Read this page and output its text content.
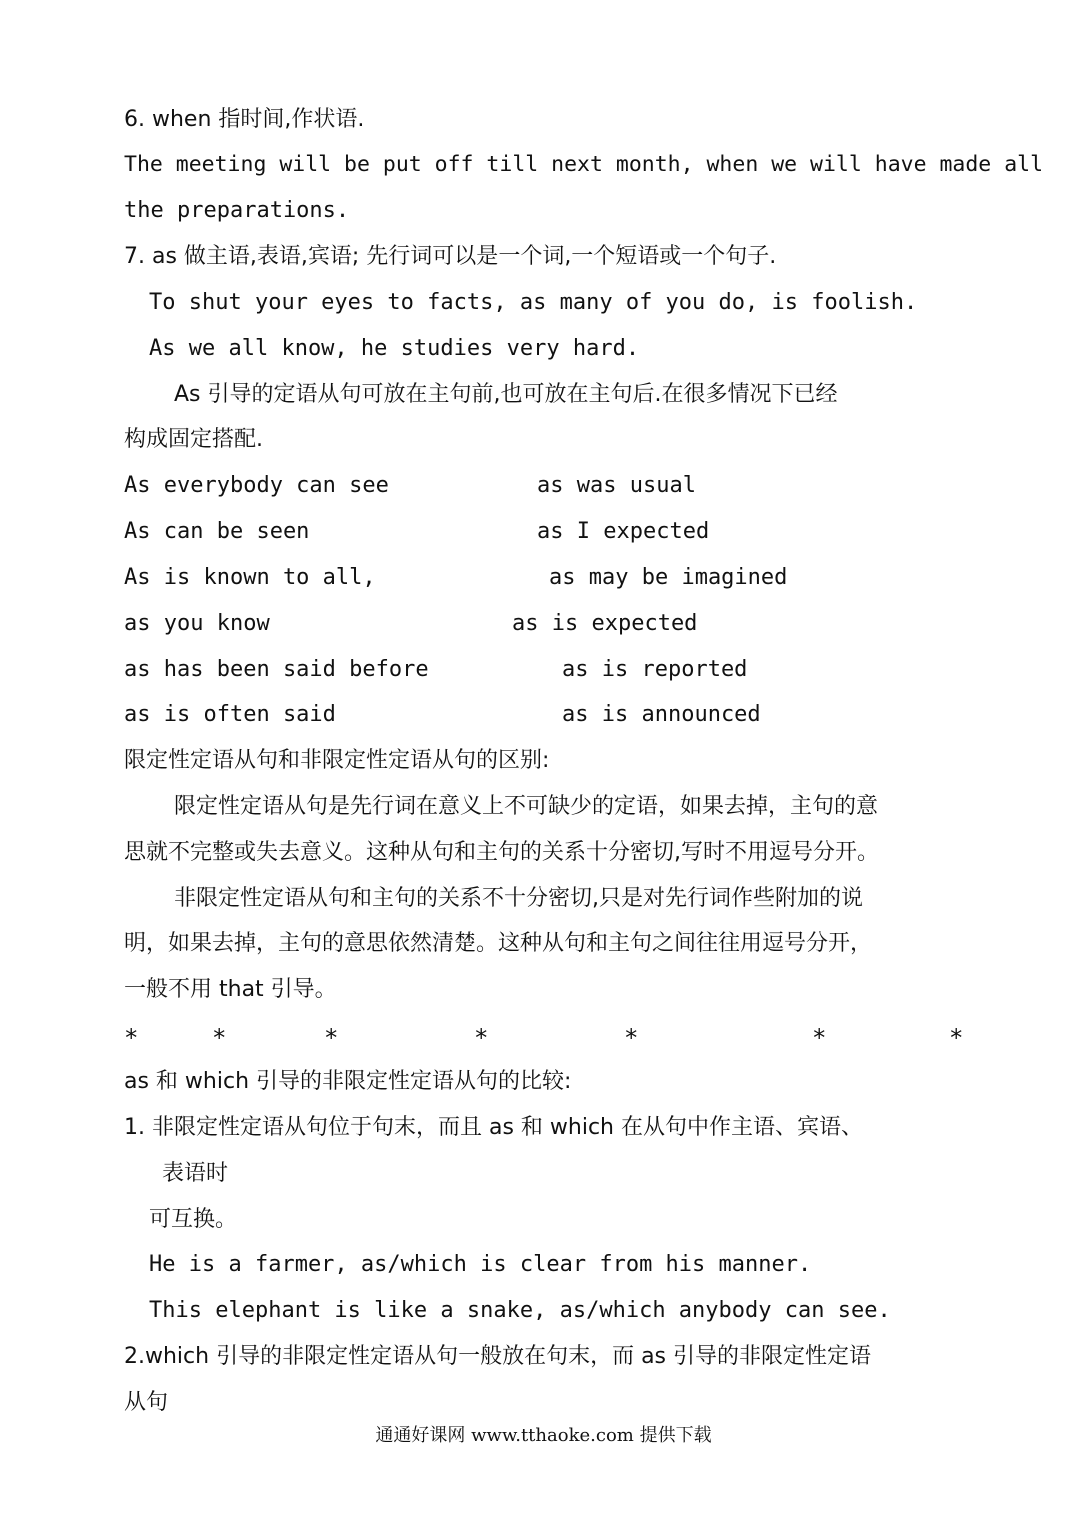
6. when 指时间,作状语.
The meeting will be put off till next month, when we will have made all
the preparations.
7. as 做主语,表语,宾语; 先行词可以是一个词,一个短语或一个句子.
To shut your eyes to facts, as many of you do, is foolish.
As we all know, he studies very hard.
As 引导的定语从句可放在主句前,也可放在主句后.在很多情况下已经
构成固定搭配.
As everybody can see	as was usual
As can be seen	as I expected
As is known to all,	as may be imagined
as you know	as is expected
as has been said before	as is reported
as is often said	as is announced
限定性定语从句和非限定性定语从句的区别:
限定性定语从句是先行词在意义上不可缺少的定语，如果去掉，主句的意
思就不完整或失去意义。这种从句和主句的关系十分密切,写时不用逗号分开。
非限定性定语从句和主句的关系不十分密切,只是对先行词作些附加的说
明，如果去掉，主句的意思依然清楚。这种从句和主句之间往往用逗号分开，
一般不用 that 引导。
*	*	*	*	*	*	*
as 和 which 引导的非限定性定语从句的比较:
1. 非限定性定语从句位于句末，而且 as 和 which 在从句中作主语、宾语、
表语时
可互换。
He is a farmer, as/which is clear from his manner.
This elephant is like a snake, as/which anybody can see.
2.which 引导的非限定性定语从句一般放在句末，而 as 引导的非限定性定语
从句
通通好课网 www.tthaoke.com 提供下载
